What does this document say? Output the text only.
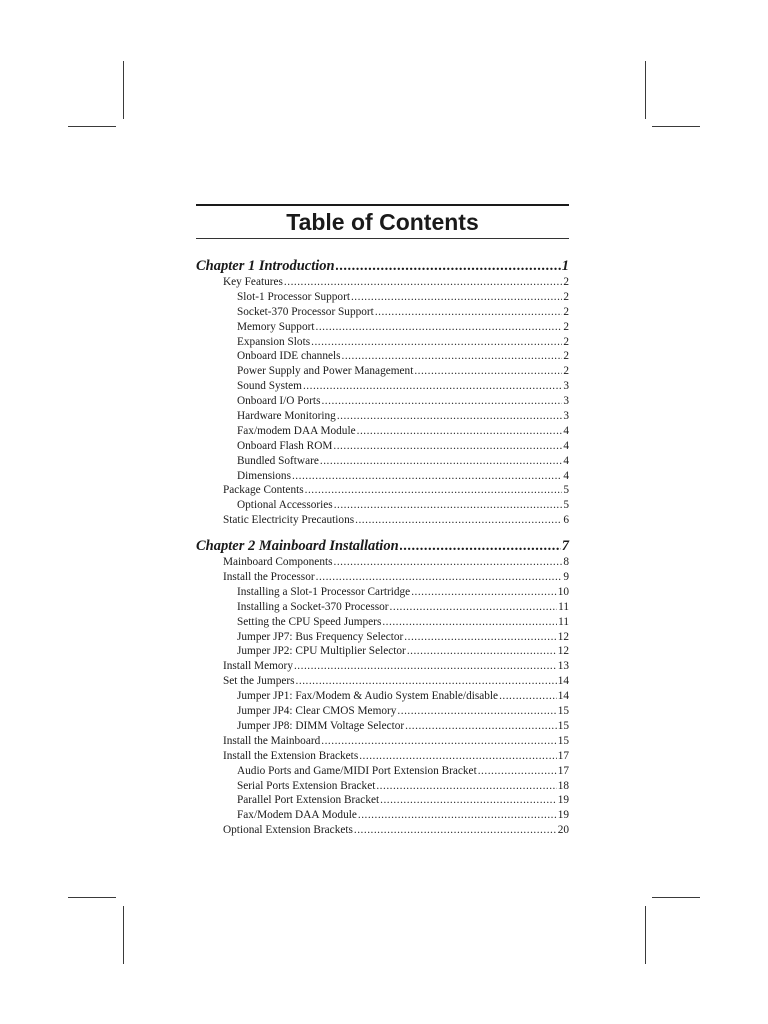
Table of Contents
Chapter 1 Introduction .....	1
Key Features .....	2
Slot-1 Processor Support .....	2
Socket-370 Processor Support .....	2
Memory Support .....	2
Expansion Slots .....	2
Onboard IDE channels .....	2
Power Supply and Power Management .....	2
Sound System .....	3
Onboard I/O Ports .....	3
Hardware Monitoring .....	3
Fax/modem DAA Module .....	4
Onboard Flash ROM .....	4
Bundled Software .....	4
Dimensions .....	4
Package Contents .....	5
Optional Accessories .....	5
Static Electricity Precautions .....	6
Chapter 2 Mainboard Installation .....	7
Mainboard Components .....	8
Install the Processor .....	9
Installing a Slot-1 Processor Cartridge .....	10
Installing a Socket-370 Processor .....	11
Setting the CPU Speed Jumpers .....	11
Jumper JP7: Bus Frequency Selector .....	12
Jumper JP2: CPU Multiplier Selector .....	12
Install Memory .....	13
Set the Jumpers .....	14
Jumper JP1: Fax/Modem & Audio System Enable/disable .....	14
Jumper JP4: Clear CMOS Memory .....	15
Jumper JP8: DIMM Voltage Selector .....	15
Install the Mainboard .....	15
Install the Extension Brackets .....	17
Audio Ports and Game/MIDI Port Extension Bracket .....	17
Serial Ports Extension Bracket .....	18
Parallel Port Extension Bracket .....	19
Fax/Modem DAA Module .....	19
Optional Extension Brackets .....	20
